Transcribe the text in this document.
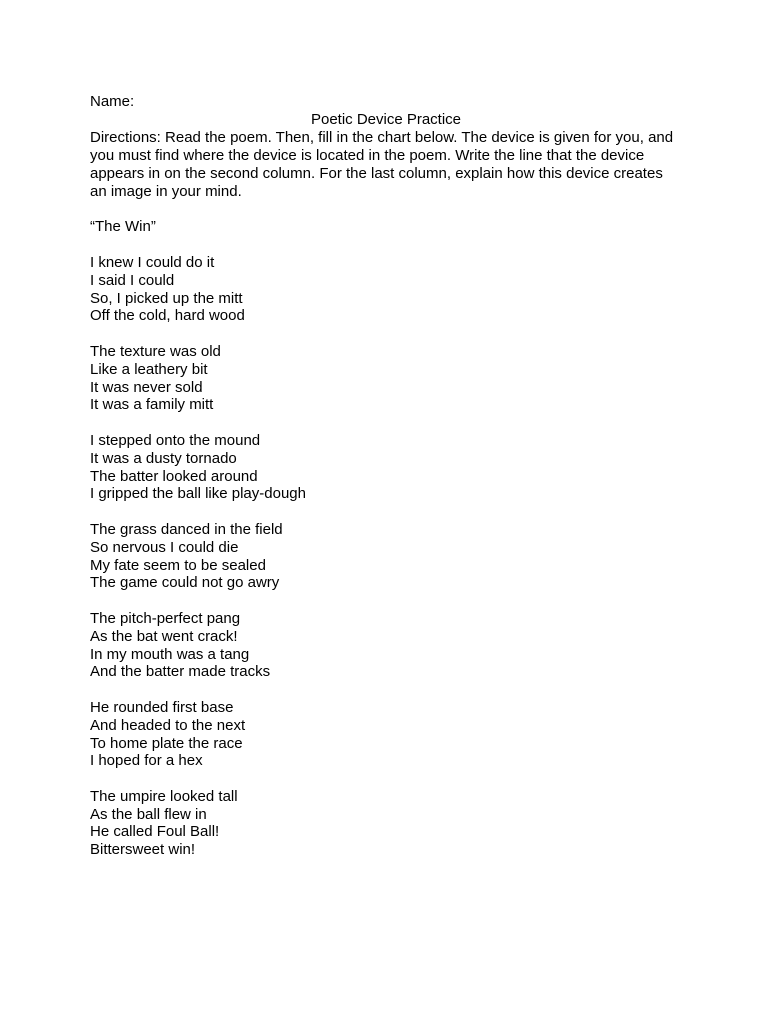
Name:
Poetic Device Practice

Directions: Read the poem. Then, fill in the chart below. The device is given for you, and you must find where the device is located in the poem. Write the line that the device appears in on the second column. For the last column, explain how this device creates an image in your mind.

“The Win”
I knew I could do it
I said I could
So, I picked up the mitt
Off the cold, hard wood
The texture was old
Like a leathery bit
It was never sold
It was a family mitt
I stepped onto the mound
It was a dusty tornado
The batter looked around
I gripped the ball like play-dough
The grass danced in the field
So nervous I could die
My fate seem to be sealed
The game could not go awry
The pitch-perfect pang
As the bat went crack!
In my mouth was a tang
And the batter made tracks
He rounded first base
And headed to the next
To home plate the race
I hoped for a hex
The umpire looked tall
As the ball flew in
He called Foul Ball!
Bittersweet win!
